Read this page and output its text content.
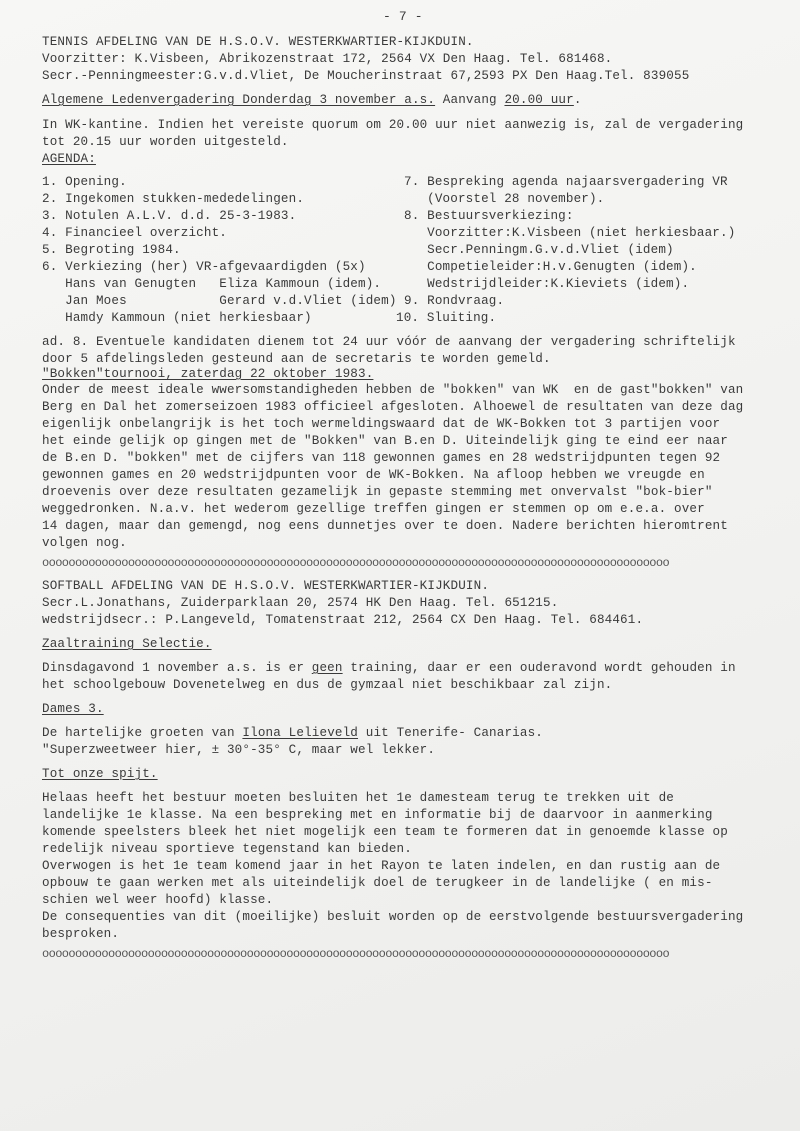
- 7 -
TENNIS AFDELING VAN DE H.S.O.V. WESTERKWARTIER-KIJKDUIN.
Voorzitter: K.Visbeen, Abrikozenstraat 172, 2564 VX Den Haag. Tel. 681468.
Secr.-Penningmeester:G.v.d.Vliet, De Moucherinstraat 67,2593 PX Den Haag.Tel. 839055
Algemene Ledenvergadering Donderdag 3 november a.s. Aanvang 20.00 uur.
In WK-kantine. Indien het vereiste quorum om 20.00 uur niet aanwezig is, zal de vergadering
tot 20.15 uur worden uitgesteld.
AGENDA:
1. Opening.
2. Ingekomen stukken-mededelingen.
3. Notulen A.L.V. d.d. 25-3-1983.
4. Financieel overzicht.
5. Begroting 1984.
6. Verkiezing (her) VR-afgevaardigden (5x)
Hans van Genugten   Eliza Kammoun (idem).
Jan Moes            Gerard v.d.Vliet (idem)
Hamdy Kammoun (niet herkiesbaar)
7. Bespreking agenda najaarsvergadering VR
(Voorstel 28 november).
8. Bestuursverkiezing:
Voorzitter:K.Visbeen (niet herkiesbaar.)
Secr.Penningm.G.v.d.Vliet (idem)
Competieleider:H.v.Genugten (idem).
Wedstrijdleider:K.Kieviets (idem).
9. Rondvraag.
10. Sluiting.
ad. 8. Eventuele kandidaten dienem tot 24 uur vóór de aanvang der vergadering schriftelijk
door 5 afdelingsleden gesteund aan de secretaris te worden gemeld.
"Bokken"tournooi, zaterdag 22 oktober 1983.
Onder de meest ideale wwersomstandigheden hebben de "bokken" van WK  en de gast"bokken" van
Berg en Dal het zomerseizoen 1983 officieel afgesloten. Alhoewel de resultaten van deze dag
eigenlijk onbelangrijk is het toch wermeldingswaard dat de WK-Bokken tot 3 partijen voor
het einde gelijk op gingen met de "Bokken" van B.en D. Uiteindelijk ging te eind eer naar
de B.en D. "bokken" met de cijfers van 118 gewonnen games en 28 wedstrijdpunten tegen 92
gewonnen games en 20 wedstrijdpunten voor de WK-Bokken. Na afloop hebben we vreugde en
droevenis over deze resultaten gezamelijk in gepaste stemming met onvervalst "bok-bier"
weggedronken. N.a.v. het wederom gezellige treffen gingen er stemmen op om e.e.a. over
14 dagen, maar dan gemengd, nog eens dunnetjes over te doen. Nadere berichten hieromtrent
volgen nog.
ooooooooooooooooooooooooooooooooooooooooooooooooooooooooooooooooooooooooooooooooooooooooooooooo
SOFTBALL AFDELING VAN DE H.S.O.V. WESTERKWARTIER-KIJKDUIN.
Secr.L.Jonathans, Zuiderparklaan 20, 2574 HK Den Haag. Tel. 651215.
wedstrijdsecr.: P.Langeveld, Tomatenstraat 212, 2564 CX Den Haag. Tel. 684461.
Zaaltraining Selectie.
Dinsdagavond 1 november a.s. is er geen training, daar er een ouderavond wordt gehouden in
het schoolgebouw Dovenetelweg en dus de gymzaal niet beschikbaar zal zijn.
Dames 3.
De hartelijke groeten van Ilona Lelieveld uit Tenerife- Canarias.
"Superzweetweer hier, ± 30°-35° C, maar wel lekker.
Tot onze spijt.
Helaas heeft het bestuur moeten besluiten het 1e damesteam terug te trekken uit de
landelijke 1e klasse. Na een bespreking met en informatie bij de daarvoor in aanmerking
komende speelsters bleek het niet mogelijk een team te formeren dat in genoemde klasse op
redelijk niveau sportieve tegenstand kan bieden.
Overwogen is het 1e team komend jaar in het Rayon te laten indelen, en dan rustig aan de
opbouw te gaan werken met als uiteindelijk doel de terugkeer in de landelijke ( en mis-
schien wel weer hoofd) klasse.
De consequenties van dit (moeilijke) besluit worden op de eerstvolgende bestuursvergadering
besproken.
ooooooooooooooooooooooooooooooooooooooooooooooooooooooooooooooooooooooooooooooooooooooooooooooo
